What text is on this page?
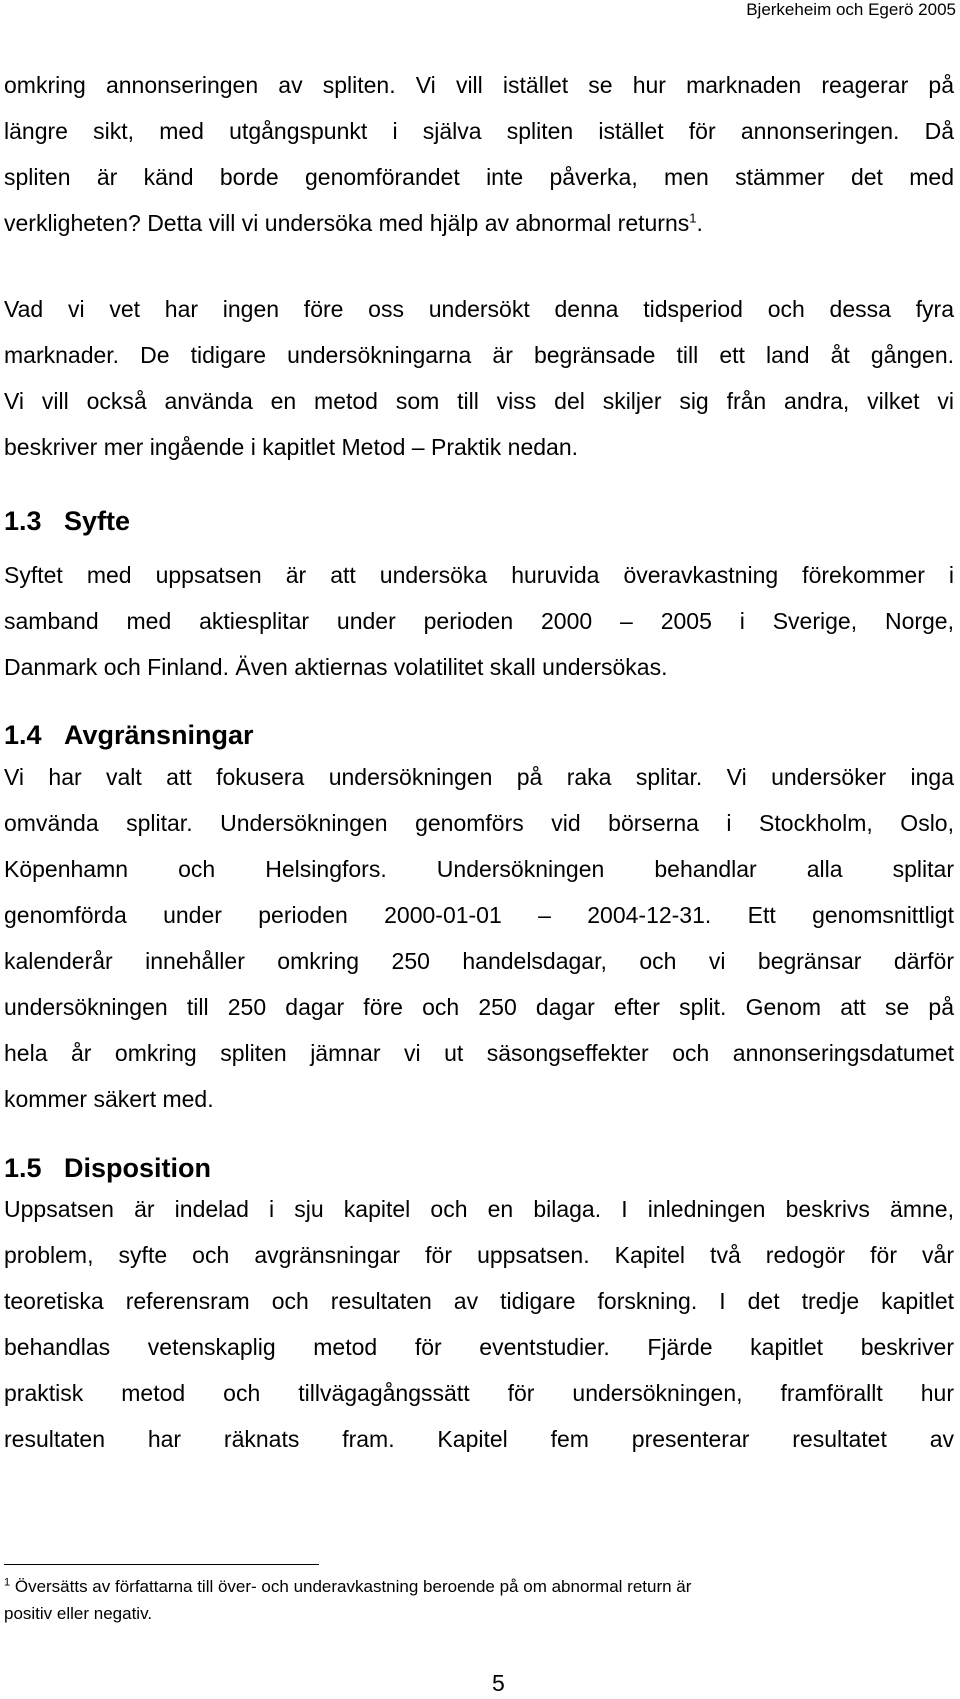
Bjerkeheim och Egerö 2005
omkring annonseringen av spliten. Vi vill istället se hur marknaden reagerar på
längre sikt, med utgångspunkt i själva spliten istället för annonseringen. Då
spliten är känd borde genomförandet inte påverka, men stämmer det med
verkligheten? Detta vill vi undersöka med hjälp av abnormal returns$^1$.
Vad vi vet har ingen före oss undersökt denna tidsperiod och dessa fyra
marknader. De tidigare undersökningarna är begränsade till ett land åt gången.
Vi vill också använda en metod som till viss del skiljer sig från andra, vilket vi
beskriver mer ingående i kapitlet Metod – Praktik nedan.
1.3 Syfte
Syftet med uppsatsen är att undersöka huruvida överavkastning förekommer i
samband med aktiesplitar under perioden 2000 – 2005 i Sverige, Norge,
Danmark och Finland. Även aktiernas volatilitet skall undersökas.
1.4 Avgränsningar
Vi har valt att fokusera undersökningen på raka splitar. Vi undersöker inga
omvända splitar. Undersökningen genomförs vid börserna i Stockholm, Oslo,
Köpenhamn och Helsingfors. Undersökningen behandlar alla splitar
genomförda under perioden 2000-01-01 – 2004-12-31. Ett genomsnittligt
kalenderår innehåller omkring 250 handelsdagar, och vi begränsar därför
undersökningen till 250 dagar före och 250 dagar efter split. Genom att se på
hela år omkring spliten jämnar vi ut säsongseffekter och annonseringsdatumet
kommer säkert med.
1.5 Disposition
Uppsatsen är indelad i sju kapitel och en bilaga. I inledningen beskrivs ämne,
problem, syfte och avgränsningar för uppsatsen. Kapitel två redogör för vår
teoretiska referensram och resultaten av tidigare forskning. I det tredje kapitlet
behandlas vetenskaplig metod för eventstudier. Fjärde kapitlet beskriver
praktisk metod och tillvägagångssätt för undersökningen, framförallt hur
resultaten har räknats fram. Kapitel fem presenterar resultatet av
$^1$ Översätts av författarna till över- och underavkastning beroende på om abnormal return är
positiv eller negativ.
5
